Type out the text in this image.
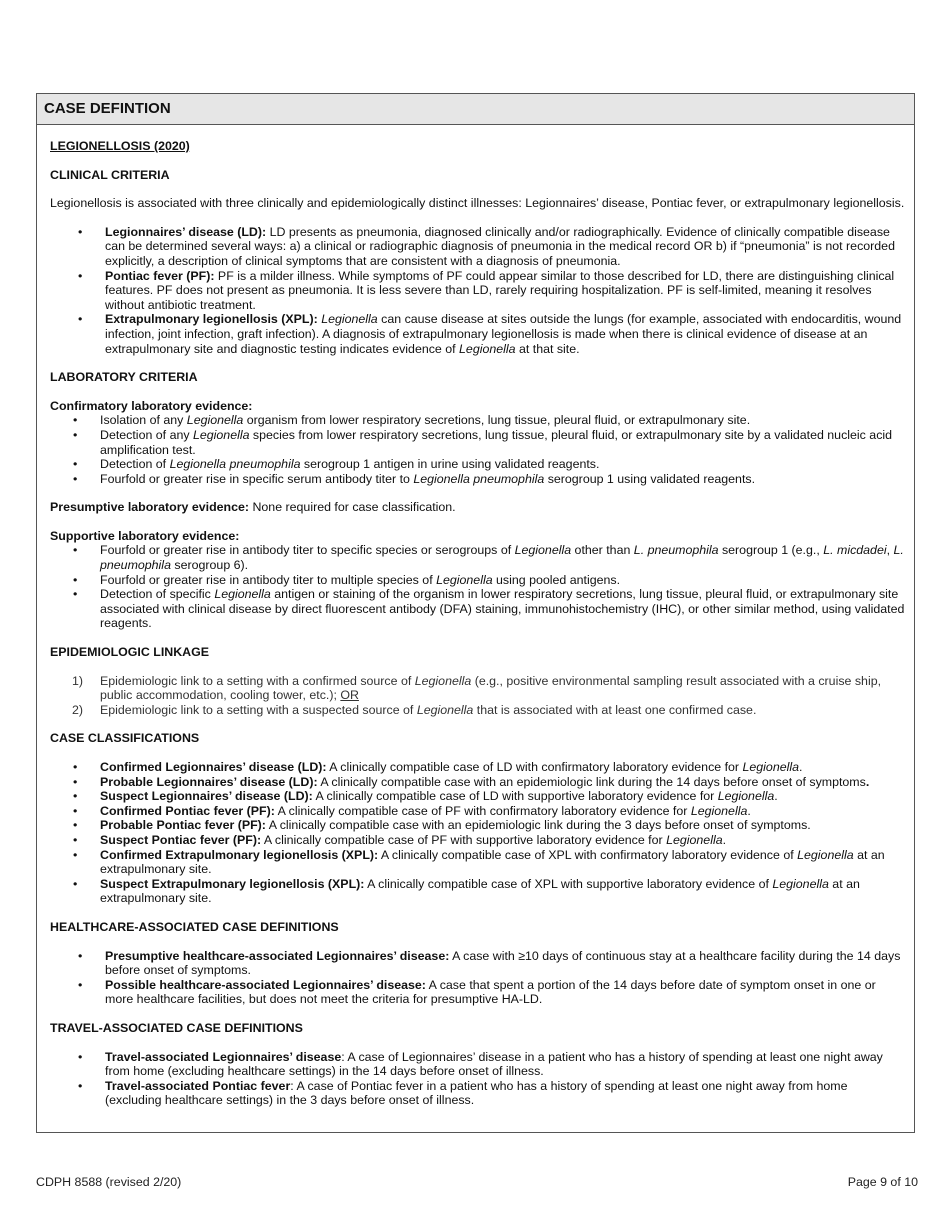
CASE DEFINTION

LEGIONELLOSIS (2020)

CLINICAL CRITERIA

Legionellosis is associated with three clinically and epidemiologically distinct illnesses: Legionnaires’ disease, Pontiac fever, or extrapulmonary legionellosis.

• Legionnaires’ disease (LD): LD presents as pneumonia, diagnosed clinically and/or radiographically. Evidence of clinically compatible disease can be determined several ways: a) a clinical or radiographic diagnosis of pneumonia in the medical record OR b) if “pneumonia” is not recorded explicitly, a description of clinical symptoms that are consistent with a diagnosis of pneumonia.
• Pontiac fever (PF): PF is a milder illness. While symptoms of PF could appear similar to those described for LD, there are distinguishing clinical features. PF does not present as pneumonia. It is less severe than LD, rarely requiring hospitalization. PF is self-limited, meaning it resolves without antibiotic treatment.
• Extrapulmonary legionellosis (XPL): Legionella can cause disease at sites outside the lungs (for example, associated with endocarditis, wound infection, joint infection, graft infection). A diagnosis of extrapulmonary legionellosis is made when there is clinical evidence of disease at an extrapulmonary site and diagnostic testing indicates evidence of Legionella at that site.

LABORATORY CRITERIA

Confirmatory laboratory evidence:

• Isolation of any Legionella organism from lower respiratory secretions, lung tissue, pleural fluid, or extrapulmonary site.
• Detection of any Legionella species from lower respiratory secretions, lung tissue, pleural fluid, or extrapulmonary site by a validated nucleic acid amplification test.
• Detection of Legionella pneumophila serogroup 1 antigen in urine using validated reagents.
• Fourfold or greater rise in specific serum antibody titer to Legionella pneumophila serogroup 1 using validated reagents.

Presumptive laboratory evidence: None required for case classification.

Supportive laboratory evidence:

• Fourfold or greater rise in antibody titer to specific species or serogroups of Legionella other than L. pneumophila serogroup 1 (e.g., L. micdadei, L. pneumophila serogroup 6).
• Fourfold or greater rise in antibody titer to multiple species of Legionella using pooled antigens.
• Detection of specific Legionella antigen or staining of the organism in lower respiratory secretions, lung tissue, pleural fluid, or extrapulmonary site associated with clinical disease by direct fluorescent antibody (DFA) staining, immunohistochemistry (IHC), or other similar method, using validated reagents.

EPIDEMIOLOGIC LINKAGE

1) Epidemiologic link to a setting with a confirmed source of Legionella (e.g., positive environmental sampling result associated with a cruise ship, public accommodation, cooling tower, etc.); OR
2) Epidemiologic link to a setting with a suspected source of Legionella that is associated with at least one confirmed case.

CASE CLASSIFICATIONS

• Confirmed Legionnaires’ disease (LD): A clinically compatible case of LD with confirmatory laboratory evidence for Legionella.
• Probable Legionnaires’ disease (LD): A clinically compatible case with an epidemiologic link during the 14 days before onset of symptoms.
• Suspect Legionnaires’ disease (LD): A clinically compatible case of LD with supportive laboratory evidence for Legionella.
• Confirmed Pontiac fever (PF): A clinically compatible case of PF with confirmatory laboratory evidence for Legionella.
• Probable Pontiac fever (PF): A clinically compatible case with an epidemiologic link during the 3 days before onset of symptoms.
• Suspect Pontiac fever (PF): A clinically compatible case of PF with supportive laboratory evidence for Legionella.
• Confirmed Extrapulmonary legionellosis (XPL): A clinically compatible case of XPL with confirmatory laboratory evidence of Legionella at an extrapulmonary site.
• Suspect Extrapulmonary legionellosis (XPL): A clinically compatible case of XPL with supportive laboratory evidence of Legionella at an extrapulmonary site.

HEALTHCARE-ASSOCIATED CASE DEFINITIONS

• Presumptive healthcare-associated Legionnaires’ disease: A case with ≥10 days of continuous stay at a healthcare facility during the 14 days before onset of symptoms.
• Possible healthcare-associated Legionnaires’ disease: A case that spent a portion of the 14 days before date of symptom onset in one or more healthcare facilities, but does not meet the criteria for presumptive HA-LD.

TRAVEL-ASSOCIATED CASE DEFINITIONS

• Travel-associated Legionnaires’ disease: A case of Legionnaires’ disease in a patient who has a history of spending at least one night away from home (excluding healthcare settings) in the 14 days before onset of illness.
• Travel-associated Pontiac fever: A case of Pontiac fever in a patient who has a history of spending at least one night away from home (excluding healthcare settings) in the 3 days before onset of illness.
CDPH 8588 (revised 2/20)	Page 9 of 10
